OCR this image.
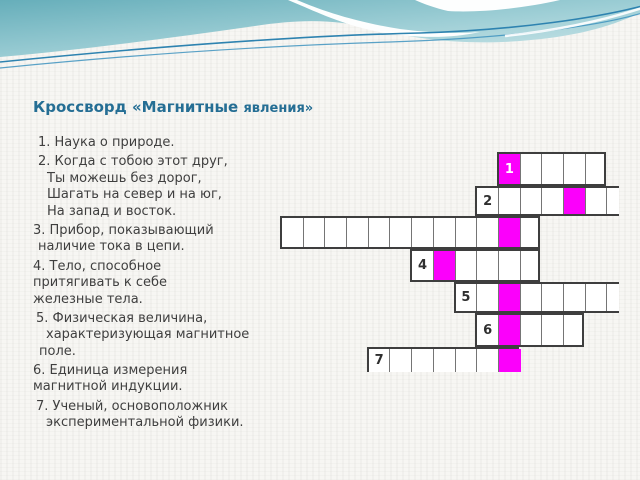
Кроссворд «Магнитные явления»

1. Наука о природе.

2. Когда с тобою этот друг,
Ты можешь без дорог,
Шагать на север и на юг,
На запад и восток.

3. Прибор, показывающий
наличие тока в цепи.

4. Тело, способное
притягивать к себе
железные тела.

5. Физическая величина,
характеризующая магнитное
поле.

6. Единица измерения
магнитной индукции.

7. Ученый, основоположник
экспериментальной физики.

1
2
4
5
6
7
